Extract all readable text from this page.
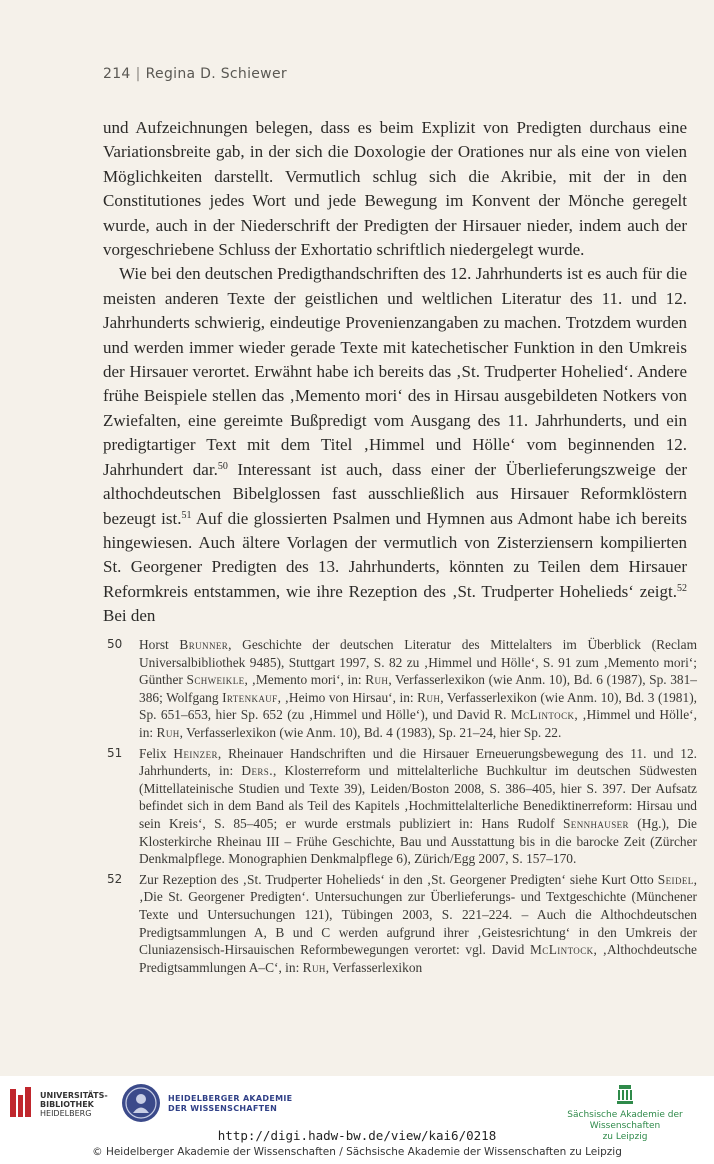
214 | Regina D. Schiewer

und Aufzeichnungen belegen, dass es beim Explizit von Predigten durchaus eine Variationsbreite gab, in der sich die Doxologie der Orationes nur als eine von vielen Möglichkeiten darstellt. Vermutlich schlug sich die Akribie, mit der in den Constitutiones jedes Wort und jede Bewegung im Konvent der Mönche geregelt wurde, auch in der Niederschrift der Predigten der Hirsauer nieder, indem auch der vorgeschriebene Schluss der Exhortatio schriftlich niedergelegt wurde.

Wie bei den deutschen Predigthandschriften des 12. Jahrhunderts ist es auch für die meisten anderen Texte der geistlichen und weltlichen Literatur des 11. und 12. Jahrhunderts schwierig, eindeutige Provenienzangaben zu machen. Trotzdem wurden und werden immer wieder gerade Texte mit katechetischer Funktion in den Umkreis der Hirsauer verortet. Erwähnt habe ich bereits das ‚St. Trudperter Hohelied‘. Andere frühe Beispiele stellen das ‚Memento mori‘ des in Hirsau ausgebildeten Notkers von Zwiefalten, eine gereimte Bußpredigt vom Ausgang des 11. Jahrhunderts, und ein predigtartiger Text mit dem Titel ‚Himmel und Hölle‘ vom beginnenden 12. Jahrhundert dar.$^{50}$ Interessant ist auch, dass einer der Überlieferungszweige der althochdeutschen Bibelglossen fast ausschließlich aus Hirsauer Reformklöstern bezeugt ist.$^{51}$ Auf die glossierten Psalmen und Hymnen aus Admont habe ich bereits hingewiesen. Auch ältere Vorlagen der vermutlich von Zisterziensern kompilierten St. Georgener Predigten des 13. Jahrhunderts, könnten zu Teilen dem Hirsauer Reformkreis entstammen, wie ihre Rezeption des ‚St. Trudperter Hohelieds‘ zeigt.$^{52}$ Bei den

50 Horst Brunner, Geschichte der deutschen Literatur des Mittelalters im Überblick (Reclam Universalbibliothek 9485), Stuttgart 1997, S. 82 zu ‚Himmel und Hölle‘, S. 91 zum ‚Memento mori‘; Günther Schweikle, ‚Memento mori‘, in: Ruh, Verfasserlexikon (wie Anm. 10), Bd. 6 (1987), Sp. 381–386; Wolfgang Irtenkauf, ‚Heimo von Hirsau‘, in: Ruh, Verfasserlexikon (wie Anm. 10), Bd. 3 (1981), Sp. 651–653, hier Sp. 652 (zu ‚Himmel und Hölle‘), und David R. McLintock, ‚Himmel und Hölle‘, in: Ruh, Verfasserlexikon (wie Anm. 10), Bd. 4 (1983), Sp. 21–24, hier Sp. 22.
51 Felix Heinzer, Rheinauer Handschriften und die Hirsauer Erneuerungsbewegung des 11. und 12. Jahrhunderts, in: Ders., Klosterreform und mittelalterliche Buchkultur im deutschen Südwesten (Mittellateinische Studien und Texte 39), Leiden/Boston 2008, S. 386–405, hier S. 397. Der Aufsatz befindet sich in dem Band als Teil des Kapitels ‚Hochmittelalterliche Benediktinerreform: Hirsau und sein Kreis‘, S. 85–405; er wurde erstmals publiziert in: Hans Rudolf Sennhauser (Hg.), Die Klosterkirche Rheinau III – Frühe Geschichte, Bau und Ausstattung bis in die barocke Zeit (Zürcher Denkmalpflege. Monographien Denkmalpflege 6), Zürich/Egg 2007, S. 157–170.
52 Zur Rezeption des ‚St. Trudperter Hohelieds‘ in den ‚St. Georgener Predigten‘ siehe Kurt Otto Seidel, ‚Die St. Georgener Predigten‘. Untersuchungen zur Überlieferungs- und Textgeschichte (Münchener Texte und Untersuchungen 121), Tübingen 2003, S. 221–224. – Auch die Althochdeutschen Predigtsammlungen A, B und C werden aufgrund ihrer ‚Geistesrichtung‘ in den Umkreis der Cluniazensisch-Hirsauischen Reformbewegungen verortet: vgl. David McLintock, ‚Althochdeutsche Predigtsammlungen A–C‘, in: Ruh, Verfasserlexikon
UNIVERSITÄTS-
BIBLIOTHEK
HEIDELBERG
HEIDELBERGER AKADEMIE
DER WISSENSCHAFTEN
Sächsische Akademie der Wissenschaften
zu Leipzig
http://digi.hadw-bw.de/view/kai6/0218
© Heidelberger Akademie der Wissenschaften / Sächsische Akademie der Wissenschaften zu Leipzig
